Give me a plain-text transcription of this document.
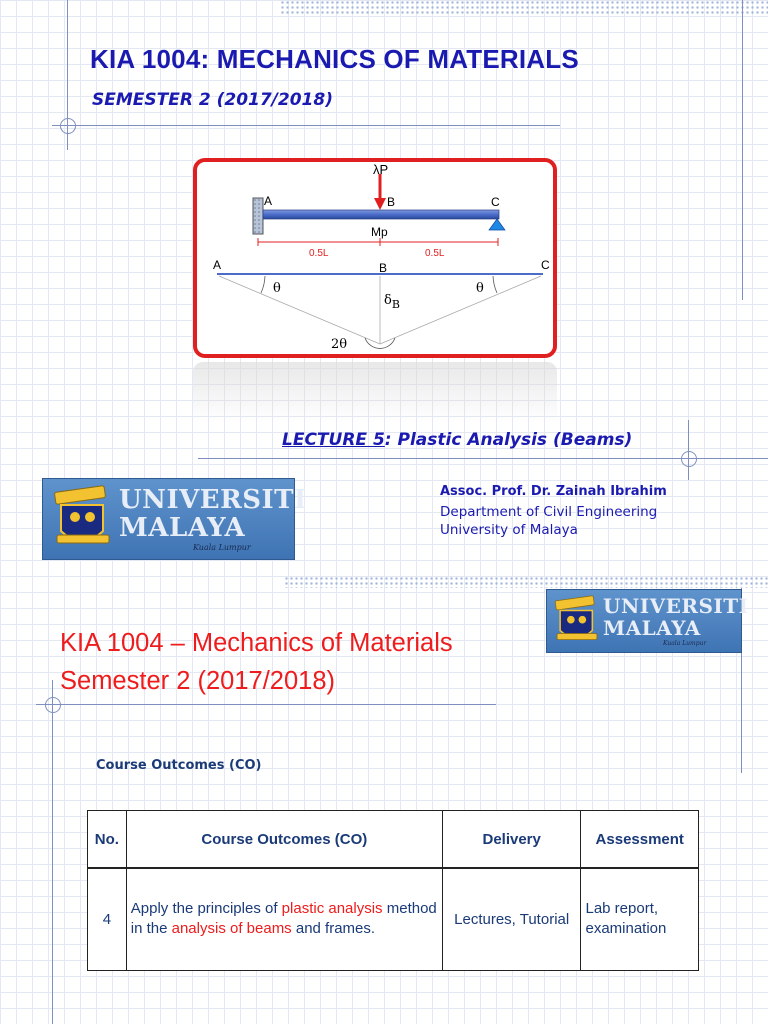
KIA 1004: MECHANICS OF MATERIALS
SEMESTER 2 (2017/2018)
λP
A	B	C
Mp
0.5L	0.5L
A	B	C
θ	θ
$\delta_B$
2θ
LECTURE 5: Plastic Analysis (Beams)
UNIVERSITI
MALAYA
Kuala Lumpur
Assoc. Prof. Dr. Zainah Ibrahim
Department of Civil Engineering
University of Malaya
UNIVERSITI
MALAYA
Kuala Lumpur
KIA 1004 – Mechanics of Materials
Semester 2 (2017/2018)
Course Outcomes (CO)
No.	Course Outcomes (CO)	Delivery	Assessment
4	Apply the principles of plastic analysis method in the analysis of beams and frames.	Lectures, Tutorial	Lab report, examination
